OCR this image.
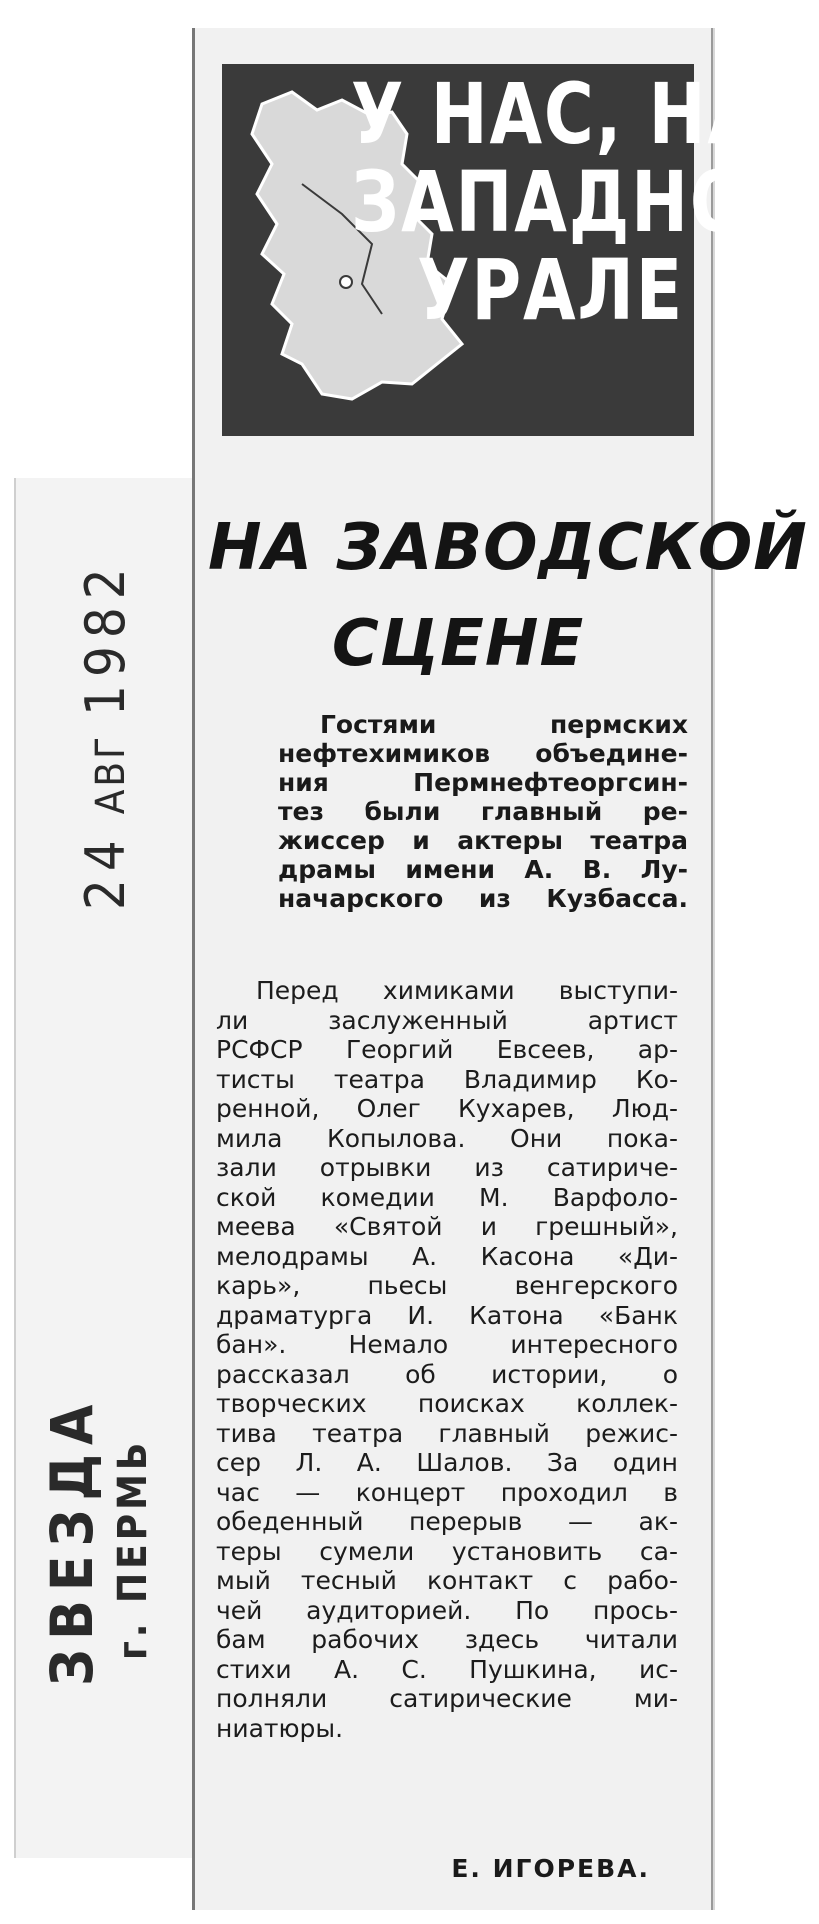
У НАС, НА
ЗАПАДНОМ
УРАЛЕ
НА ЗАВОДСКОЙ
СЦЕНЕ
Гостями пермских
нефтехимиков объедине-
ния Пермнефтеоргсин-
тез были главный ре-
жиссер и актеры театра
драмы имени А. В. Лу-
начарского из Кузбасса.
Перед химиками выступи-
ли заслуженный артист
РСФСР Георгий Евсеев, ар-
тисты театра Владимир Ко-
ренной, Олег Кухарев, Люд-
мила Копылова. Они пока-
зали отрывки из сатириче-
ской комедии М. Варфоло-
меева «Святой и грешный»,
мелодрамы А. Касона «Ди-
карь», пьесы венгерского
драматурга И. Катона «Банк
бан». Немало интересного
рассказал об истории, о
творческих поисках коллек-
тива театра главный режис-
сер Л. А. Шалов. За один
час — концерт проходил в
обеденный перерыв — ак-
теры сумели установить са-
мый тесный контакт с рабо-
чей аудиторией. По прось-
бам рабочих здесь читали
стихи А. С. Пушкина, ис-
полняли сатирические ми-
ниатюры.
Е. ИГОРЕВА.
24АВГ1982
ЗВЕЗДА г. ПЕРМЬ
